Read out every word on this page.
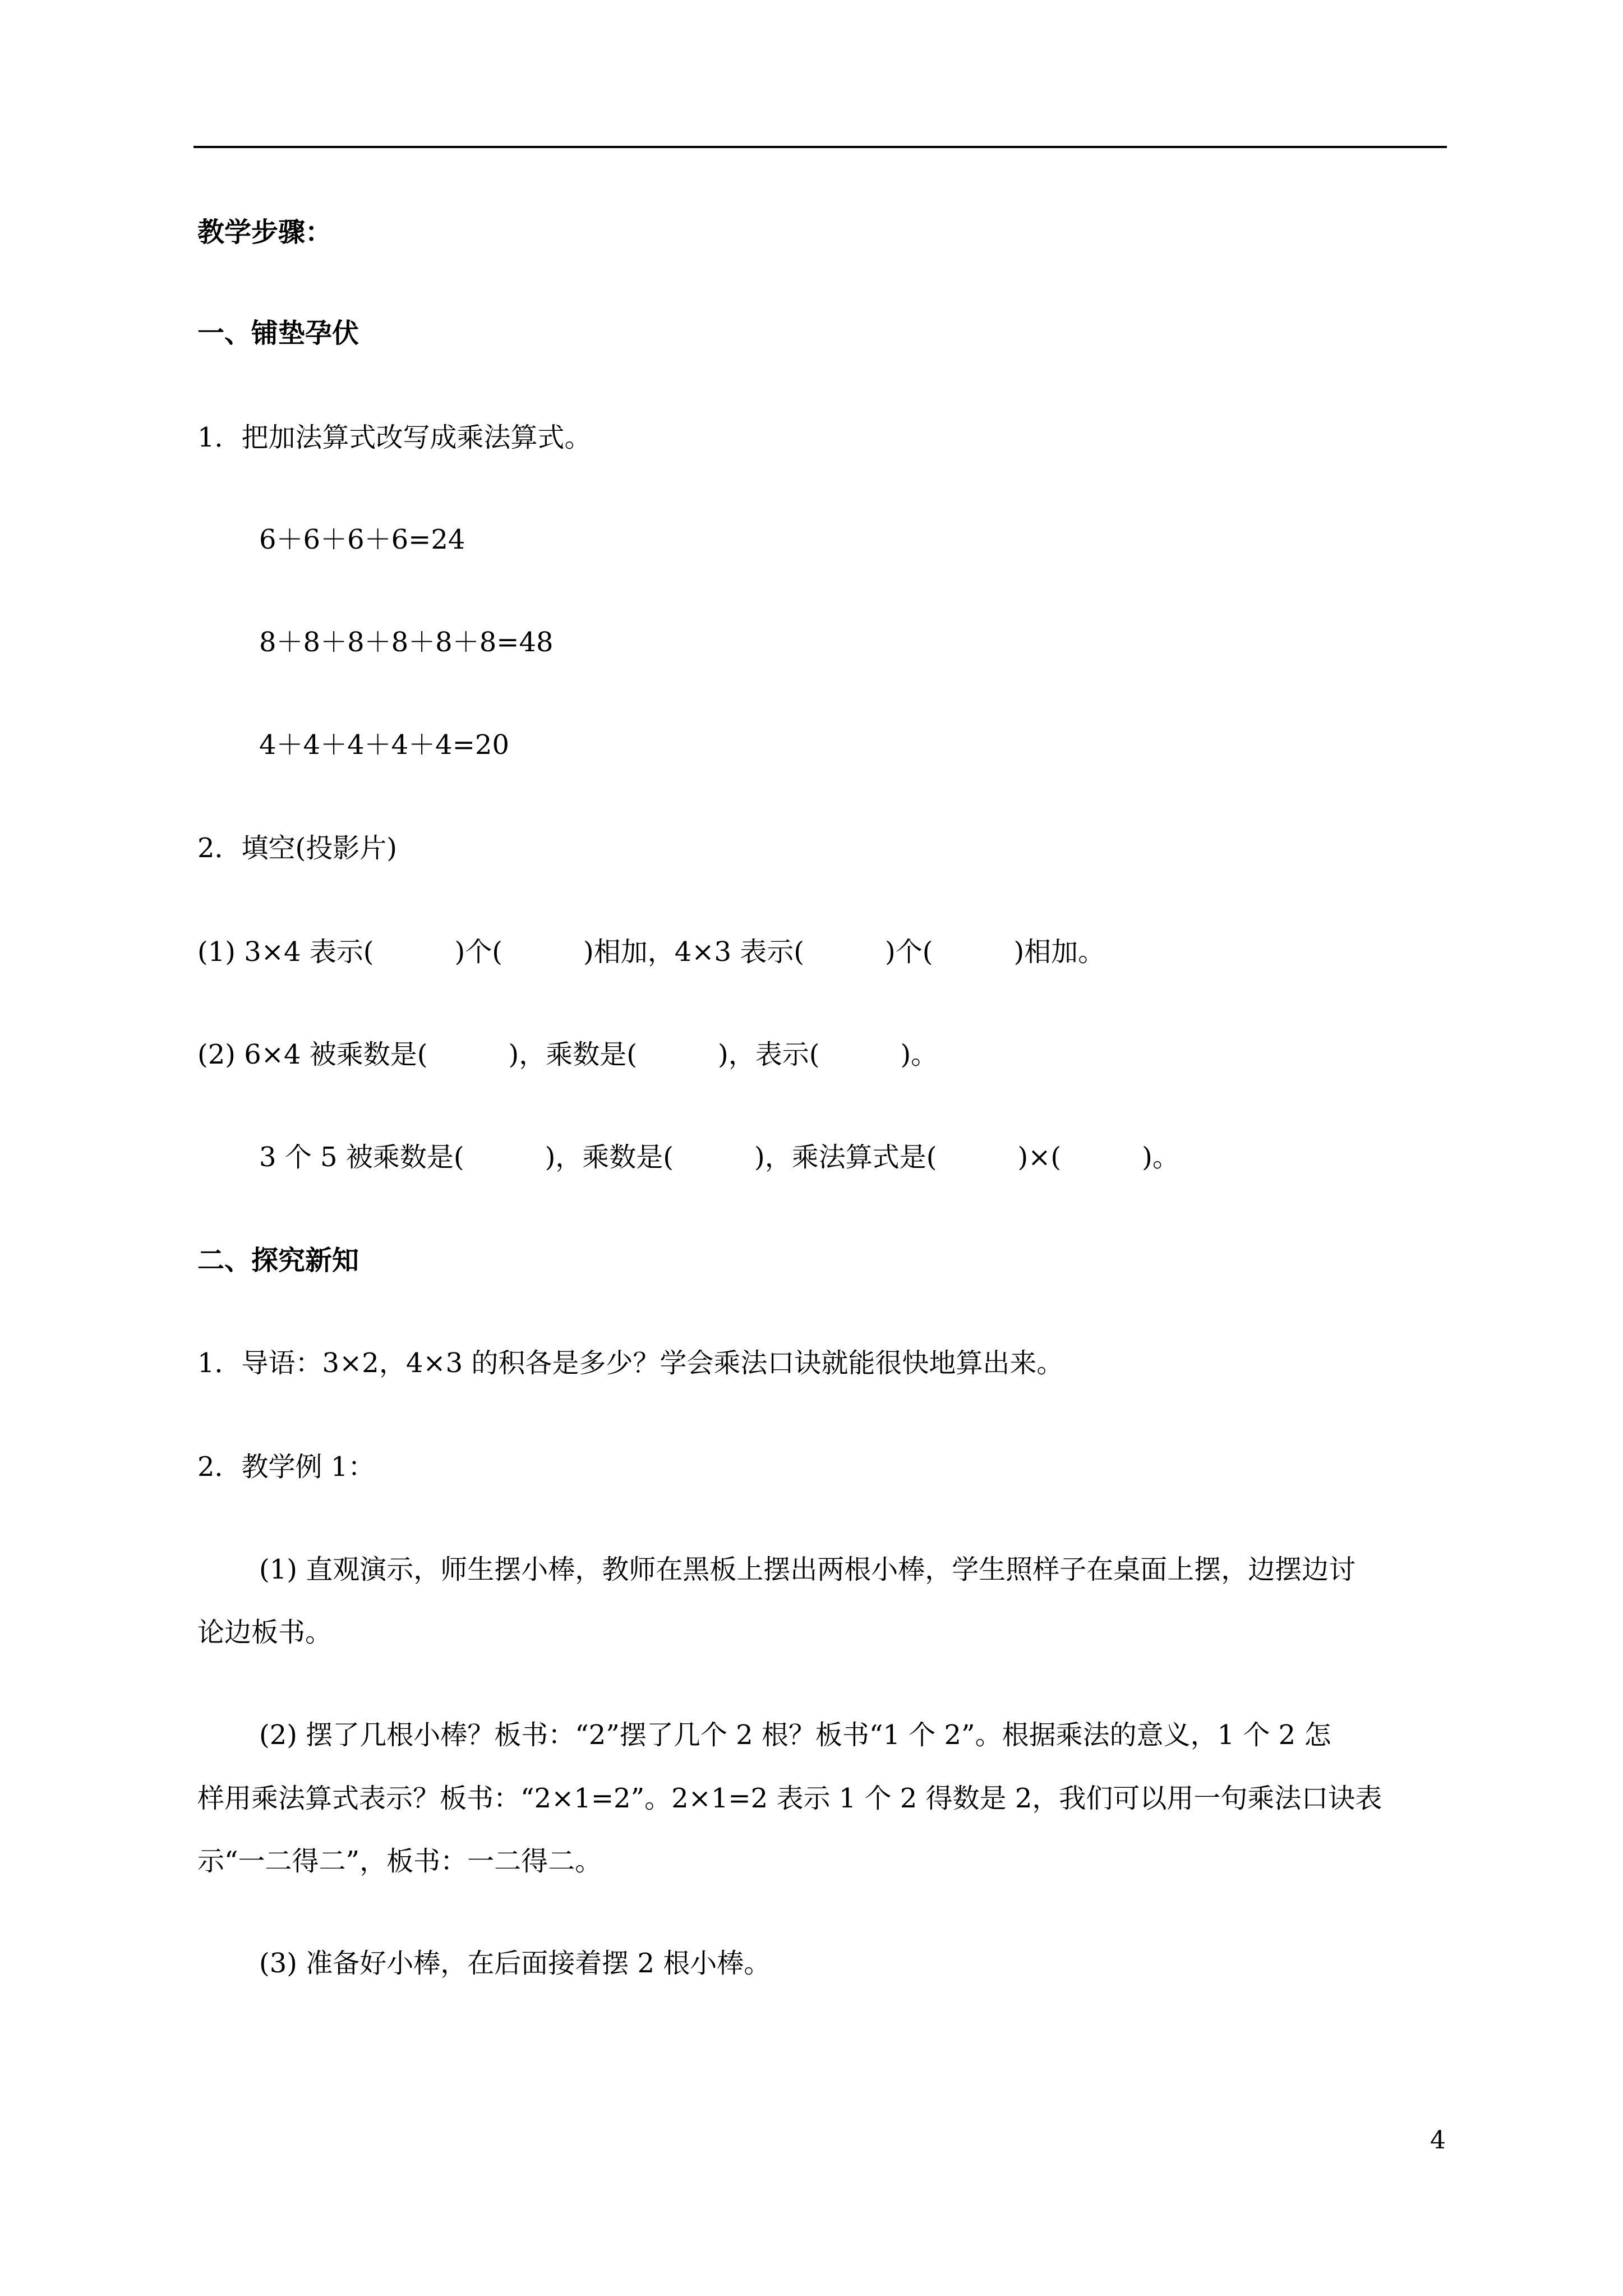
教学步骤：
一、铺垫孕伏
1．把加法算式改写成乘法算式。
6＋6＋6＋6=24
8＋8＋8＋8＋8＋8=48
4＋4＋4＋4＋4=20
2．填空(投影片)
(1) 3×4 表示(　　　)个(　　　)相加，4×3 表示(　　　)个(　　　)相加。
(2) 6×4 被乘数是(　　　)，乘数是(　　　)，表示(　　　)。
3 个 5 被乘数是(　　　)，乘数是(　　　)，乘法算式是(　　　)×(　　　)。
二、探究新知
1．导语：3×2，4×3 的积各是多少？学会乘法口诀就能很快地算出来。
2．教学例 1：
(1) 直观演示，师生摆小棒，教师在黑板上摆出两根小棒，学生照样子在桌面上摆，边摆边讨
论边板书。
(2) 摆了几根小棒？板书：“2”摆了几个 2 根？板书“1 个 2”。根据乘法的意义，1 个 2 怎
样用乘法算式表示？板书：“2×1=2”。2×1=2 表示 1 个 2 得数是 2，我们可以用一句乘法口诀表
示“一二得二”，板书：一二得二。
(3) 准备好小棒，在后面接着摆 2 根小棒。
4
